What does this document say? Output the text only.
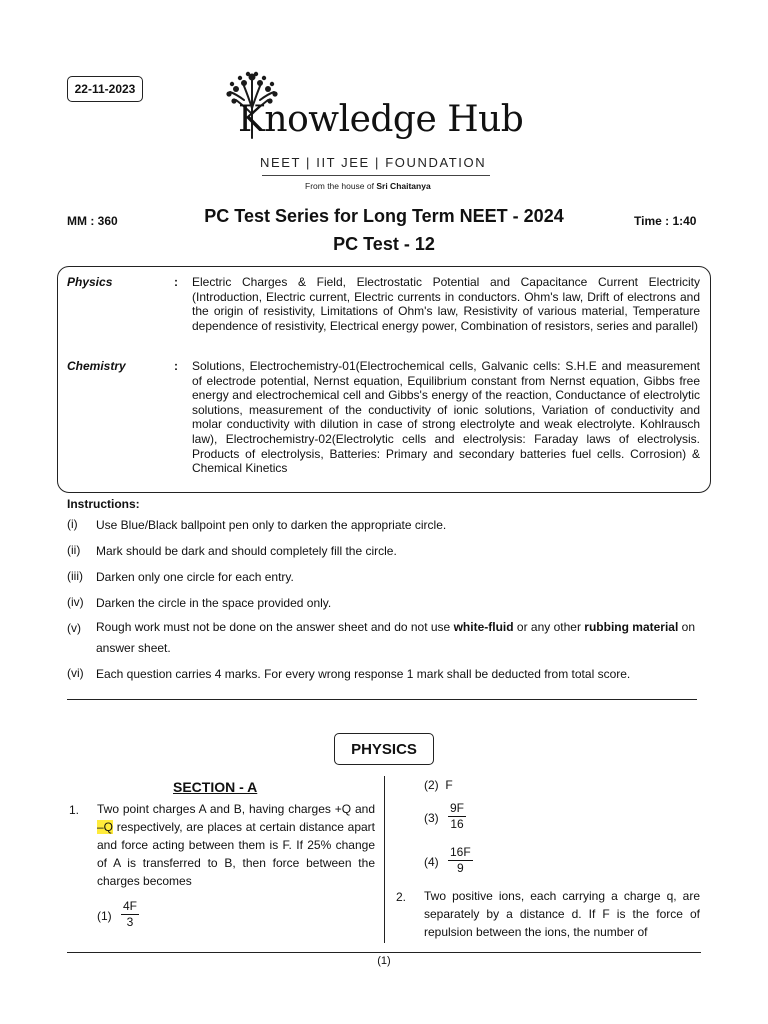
22-11-2023
Knowledge Hub
NEET | IIT JEE | FOUNDATION
From the house of Sri Chaitanya
MM : 360	PC Test Series for Long Term NEET - 2024	Time : 1:40
PC Test - 12
Physics	: Electric Charges & Field, Electrostatic Potential and Capacitance Current Electricity (Introduction, Electric current, Electric currents in conductors. Ohm's law, Drift of electrons and the origin of resistivity, Limitations of Ohm's law, Resistivity of various material, Temperature dependence of resistivity, Electrical energy power, Combination of resistors, series and parallel)
Chemistry	: Solutions, Electrochemistry-01(Electrochemical cells, Galvanic cells: S.H.E and measurement of electrode potential, Nernst equation, Equilibrium constant from Nernst equation, Gibbs free energy and electrochemical cell and Gibbs's energy of the reaction, Conductance of electrolytic solutions, measurement of the conductivity of ionic solutions, Variation of conductivity and molar conductivity with dilution in case of strong electrolyte and weak electrolyte. Kohlrausch law), Electrochemistry-02(Electrolytic cells and electrolysis: Faraday laws of electrolysis. Products of electrolysis, Batteries: Primary and secondary batteries fuel cells. Corrosion) & Chemical Kinetics
Instructions:
(i) Use Blue/Black ballpoint pen only to darken the appropriate circle.
(ii) Mark should be dark and should completely fill the circle.
(iii) Darken only one circle for each entry.
(iv) Darken the circle in the space provided only.
(v) Rough work must not be done on the answer sheet and do not use white-fluid or any other rubbing material on answer sheet.
(vi) Each question carries 4 marks. For every wrong response 1 mark shall be deducted from total score.
PHYSICS
SECTION - A
1. Two point charges A and B, having charges +Q and –Q respectively, are places at certain distance apart and force acting between them is F. If 25% change of A is transferred to B, then force between the charges becomes
$(1) \frac{4F}{3}$
(2) F
$(3) \frac{9F}{16}$
$(4) \frac{16F}{9}$
2. Two positive ions, each carrying a charge q, are separately by a distance d. If F is the force of repulsion between the ions, the number of
(1)
